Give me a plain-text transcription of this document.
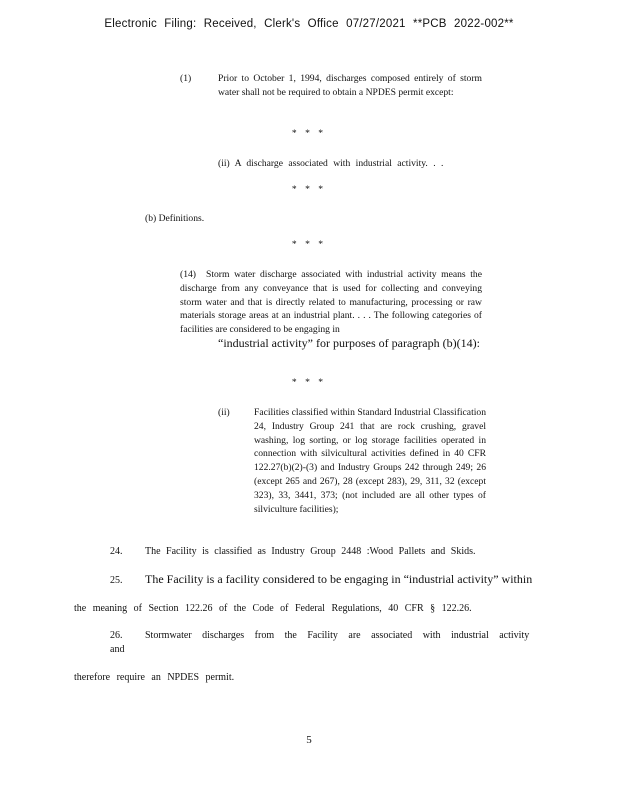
Electronic Filing: Received, Clerk's Office 07/27/2021 **PCB 2022-002**
(1)	Prior to October 1, 1994, discharges composed entirely of storm water shall not be required to obtain a NPDES permit except:
* * *
(ii) A discharge associated with industrial activity. . .
* * *
(b) Definitions.
* * *
(14)	Storm water discharge associated with industrial activity means the discharge from any conveyance that is used for collecting and conveying storm water and that is directly related to manufacturing, processing or raw materials storage areas at an industrial plant. . . . The following categories of facilities are considered to be engaging in
“industrial activity” for purposes of paragraph (b)(14):
* * *
(ii)	Facilities classified within Standard Industrial Classification 24, Industry Group 241 that are rock crushing, gravel washing, log sorting, or log storage facilities operated in connection with silvicultural activities defined in 40 CFR 122.27(b)(2)-(3) and Industry Groups 242 through 249; 26 (except 265 and 267), 28 (except 283), 29, 311, 32 (except 323), 33, 3441, 373; (not included are all other types of silviculture facilities);
24. The Facility is classified as Industry Group 2448 :Wood Pallets and Skids.
25. The Facility is a facility considered to be engaging in “industrial activity” within
the meaning of Section 122.26 of the Code of Federal Regulations, 40 CFR § 122.26.
26. Stormwater discharges from the Facility are associated with industrial activity and
therefore require an NPDES permit.
5
